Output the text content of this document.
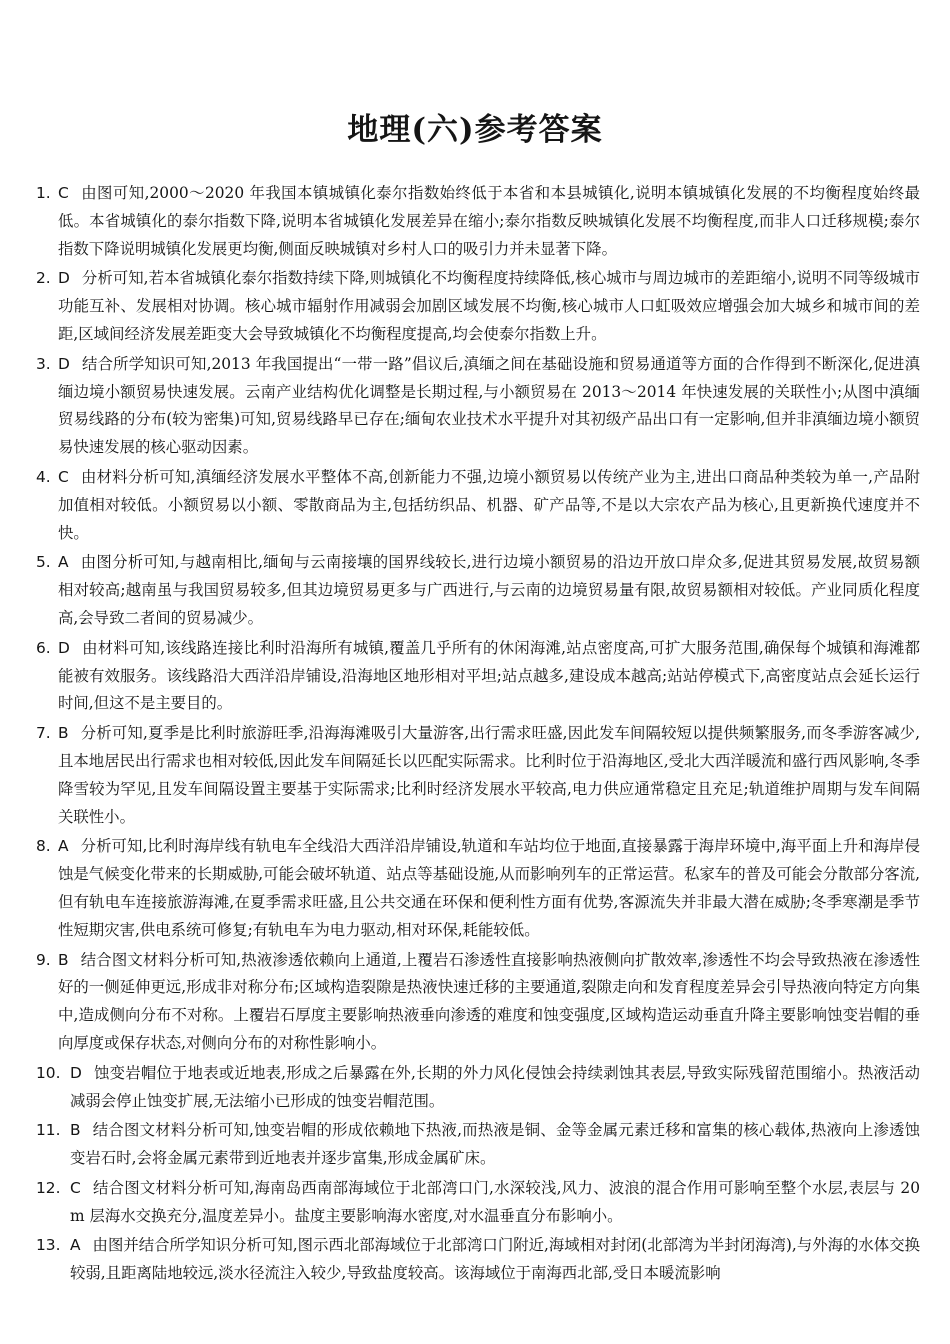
地理(六)参考答案
1. C 由图可知,2000～2020 年我国本镇城镇化泰尔指数始终低于本省和本县城镇化,说明本镇城镇化发展的不均衡程度始终最低。本省城镇化的泰尔指数下降,说明本省城镇化发展差异在缩小;泰尔指数反映城镇化发展不均衡程度,而非人口迁移规模;泰尔指数下降说明城镇化发展更均衡,侧面反映城镇对乡村人口的吸引力并未显著下降。
2. D 分析可知,若本省城镇化泰尔指数持续下降,则城镇化不均衡程度持续降低,核心城市与周边城市的差距缩小,说明不同等级城市功能互补、发展相对协调。核心城市辐射作用减弱会加剧区域发展不均衡,核心城市人口虹吸效应增强会加大城乡和城市间的差距,区域间经济发展差距变大会导致城镇化不均衡程度提高,均会使泰尔指数上升。
3. D 结合所学知识可知,2013 年我国提出“一带一路”倡议后,滇缅之间在基础设施和贸易通道等方面的合作得到不断深化,促进滇缅边境小额贸易快速发展。云南产业结构优化调整是长期过程,与小额贸易在 2013～2014 年快速发展的关联性小;从图中滇缅贸易线路的分布(较为密集)可知,贸易线路早已存在;缅甸农业技术水平提升对其初级产品出口有一定影响,但并非滇缅边境小额贸易快速发展的核心驱动因素。
4. C 由材料分析可知,滇缅经济发展水平整体不高,创新能力不强,边境小额贸易以传统产业为主,进出口商品种类较为单一,产品附加值相对较低。小额贸易以小额、零散商品为主,包括纺织品、机器、矿产品等,不是以大宗农产品为核心,且更新换代速度并不快。
5. A 由图分析可知,与越南相比,缅甸与云南接壤的国界线较长,进行边境小额贸易的沿边开放口岸众多,促进其贸易发展,故贸易额相对较高;越南虽与我国贸易较多,但其边境贸易更多与广西进行,与云南的边境贸易量有限,故贸易额相对较低。产业同质化程度高,会导致二者间的贸易减少。
6. D 由材料可知,该线路连接比利时沿海所有城镇,覆盖几乎所有的休闲海滩,站点密度高,可扩大服务范围,确保每个城镇和海滩都能被有效服务。该线路沿大西洋沿岸铺设,沿海地区地形相对平坦;站点越多,建设成本越高;站站停模式下,高密度站点会延长运行时间,但这不是主要目的。
7. B 分析可知,夏季是比利时旅游旺季,沿海海滩吸引大量游客,出行需求旺盛,因此发车间隔较短以提供频繁服务,而冬季游客减少,且本地居民出行需求也相对较低,因此发车间隔延长以匹配实际需求。比利时位于沿海地区,受北大西洋暖流和盛行西风影响,冬季降雪较为罕见,且发车间隔设置主要基于实际需求;比利时经济发展水平较高,电力供应通常稳定且充足;轨道维护周期与发车间隔关联性小。
8. A 分析可知,比利时海岸线有轨电车全线沿大西洋沿岸铺设,轨道和车站均位于地面,直接暴露于海岸环境中,海平面上升和海岸侵蚀是气候变化带来的长期威胁,可能会破坏轨道、站点等基础设施,从而影响列车的正常运营。私家车的普及可能会分散部分客流,但有轨电车连接旅游海滩,在夏季需求旺盛,且公共交通在环保和便利性方面有优势,客源流失并非最大潜在威胁;冬季寒潮是季节性短期灾害,供电系统可修复;有轨电车为电力驱动,相对环保,耗能较低。
9. B 结合图文材料分析可知,热液渗透依赖向上通道,上覆岩石渗透性直接影响热液侧向扩散效率,渗透性不均会导致热液在渗透性好的一侧延伸更远,形成非对称分布;区域构造裂隙是热液快速迁移的主要通道,裂隙走向和发育程度差异会引导热液向特定方向集中,造成侧向分布不对称。上覆岩石厚度主要影响热液垂向渗透的难度和蚀变强度,区域构造运动垂直升降主要影响蚀变岩帽的垂向厚度或保存状态,对侧向分布的对称性影响小。
10. D 蚀变岩帽位于地表或近地表,形成之后暴露在外,长期的外力风化侵蚀会持续剥蚀其表层,导致实际残留范围缩小。热液活动减弱会停止蚀变扩展,无法缩小已形成的蚀变岩帽范围。
11. B 结合图文材料分析可知,蚀变岩帽的形成依赖地下热液,而热液是铜、金等金属元素迁移和富集的核心载体,热液向上渗透蚀变岩石时,会将金属元素带到近地表并逐步富集,形成金属矿床。
12. C 结合图文材料分析可知,海南岛西南部海域位于北部湾口门,水深较浅,风力、波浪的混合作用可影响至整个水层,表层与 20 m 层海水交换充分,温度差异小。盐度主要影响海水密度,对水温垂直分布影响小。
13. A 由图并结合所学知识分析可知,图示西北部海域位于北部湾口门附近,海域相对封闭(北部湾为半封闭海湾),与外海的水体交换较弱,且距离陆地较远,淡水径流注入较少,导致盐度较高。该海域位于南海西北部,受日本暖流影响
